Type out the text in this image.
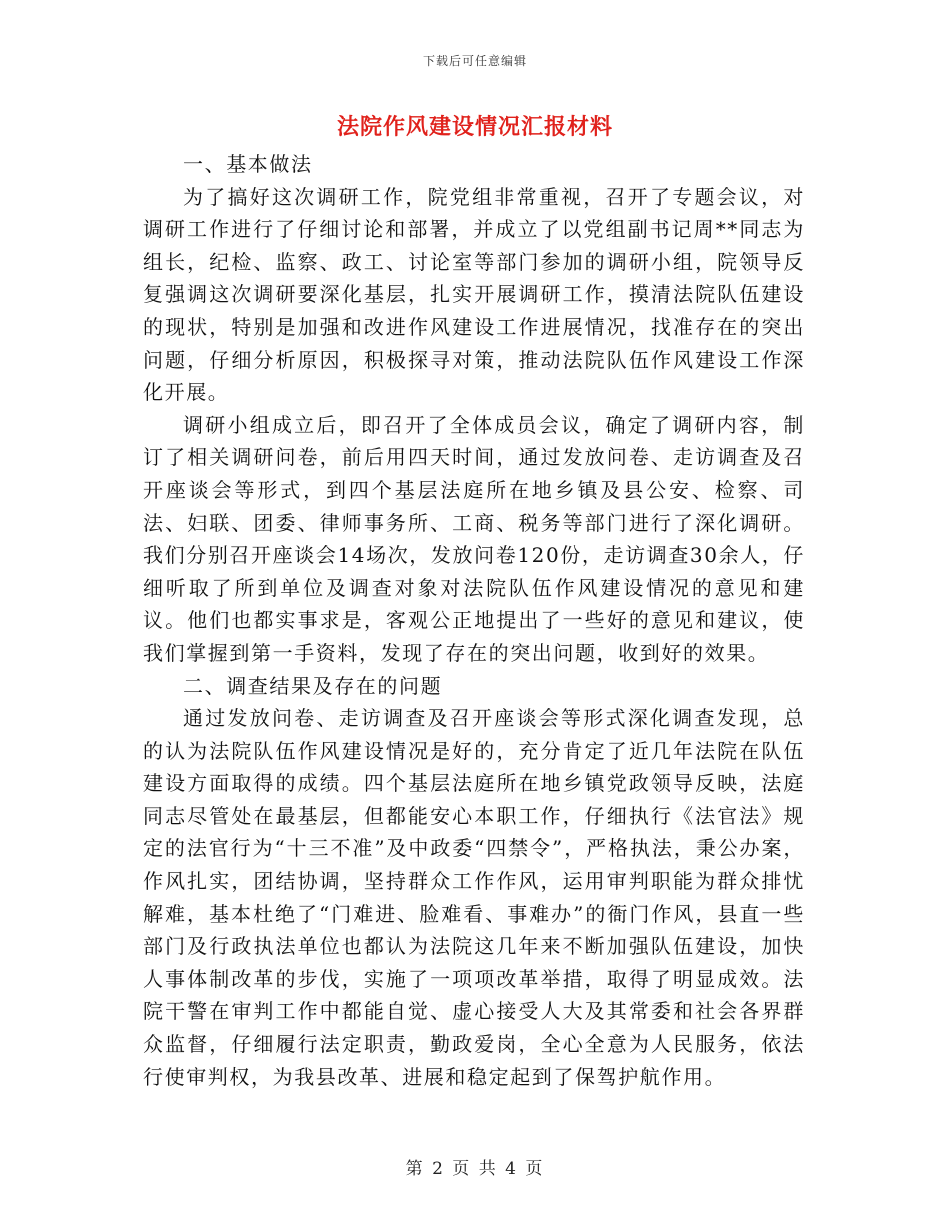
下载后可任意编辑
法院作风建设情况汇报材料

一、基本做法

为了搞好这次调研工作，院党组非常重视，召开了专题会议，对调研工作进行了仔细讨论和部署，并成立了以党组副书记周**同志为组长，纪检、监察、政工、讨论室等部门参加的调研小组，院领导反复强调这次调研要深化基层，扎实开展调研工作，摸清法院队伍建设的现状，特别是加强和改进作风建设工作进展情况，找准存在的突出问题，仔细分析原因，积极探寻对策，推动法院队伍作风建设工作深化开展。

调研小组成立后，即召开了全体成员会议，确定了调研内容，制订了相关调研问卷，前后用四天时间，通过发放问卷、走访调查及召开座谈会等形式，到四个基层法庭所在地乡镇及县公安、检察、司法、妇联、团委、律师事务所、工商、税务等部门进行了深化调研。我们分别召开座谈会14场次，发放问卷120份，走访调查30余人，仔细听取了所到单位及调查对象对法院队伍作风建设情况的意见和建议。他们也都实事求是，客观公正地提出了一些好的意见和建议，使我们掌握到第一手资料，发现了存在的突出问题，收到好的效果。

二、调查结果及存在的问题

通过发放问卷、走访调查及召开座谈会等形式深化调查发现，总的认为法院队伍作风建设情况是好的，充分肯定了近几年法院在队伍建设方面取得的成绩。四个基层法庭所在地乡镇党政领导反映，法庭同志尽管处在最基层，但都能安心本职工作，仔细执行《法官法》规定的法官行为“十三不准”及中政委“四禁令”，严格执法，秉公办案，作风扎实，团结协调，坚持群众工作作风，运用审判职能为群众排忧解难，基本杜绝了“门难进、脸难看、事难办”的衙门作风，县直一些部门及行政执法单位也都认为法院这几年来不断加强队伍建设，加快人事体制改革的步伐，实施了一项项改革举措，取得了明显成效。法院干警在审判工作中都能自觉、虚心接受人大及其常委和社会各界群众监督，仔细履行法定职责，勤政爱岗，全心全意为人民服务，依法行使审判权，为我县改革、进展和稳定起到了保驾护航作用。

第 2 页 共 4 页
